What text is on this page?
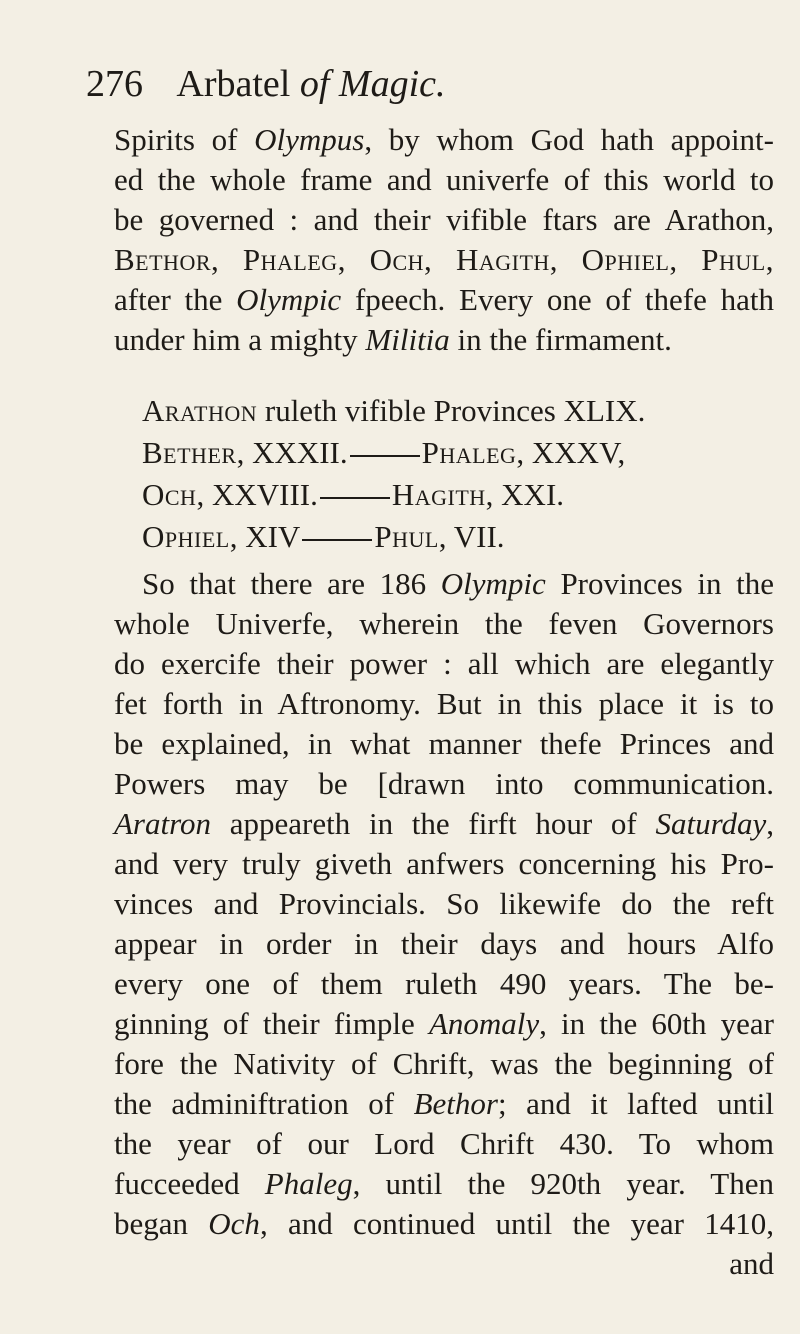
276 Arbatel of Magic.
Spirits of Olympus, by whom God hath appoint-
ed the whole frame and univerfe of this world to
be governed : and their vifible ftars are Arathon,
Bethor, Phaleg, Och, Hagith, Ophiel, Phul,
after the Olympic fpeech. Every one of thefe hath
under him a mighty Militia in the firmament.
Arathon ruleth vifible Provinces XLIX.
Bether, XXXII. Phaleg, XXXV,
Och, XXVIII. Hagith, XXI.
Ophiel, XIV Phul, VII.
So that there are 186 Olympic Provinces in the
whole Univerfe, wherein the feven Governors
do exercife their power : all which are elegantly
fet forth in Aftronomy. But in this place it is to
be explained, in what manner thefe Princes and
Powers may be [drawn into communication.
Aratron appeareth in the firft hour of Saturday,
and very truly giveth anfwers concerning his Pro-
vinces and Provincials. So likewife do the reft
appear in order in their days and hours Alfo
every one of them ruleth 490 years. The be-
ginning of their fimple Anomaly, in the 60th year
fore the Nativity of Chrift, was the beginning of
the adminiftration of Bethor; and it lafted until
the year of our Lord Chrift 430. To whom
fucceeded Phaleg, until the 920th year. Then
began Och, and continued until the year 1410,
and
